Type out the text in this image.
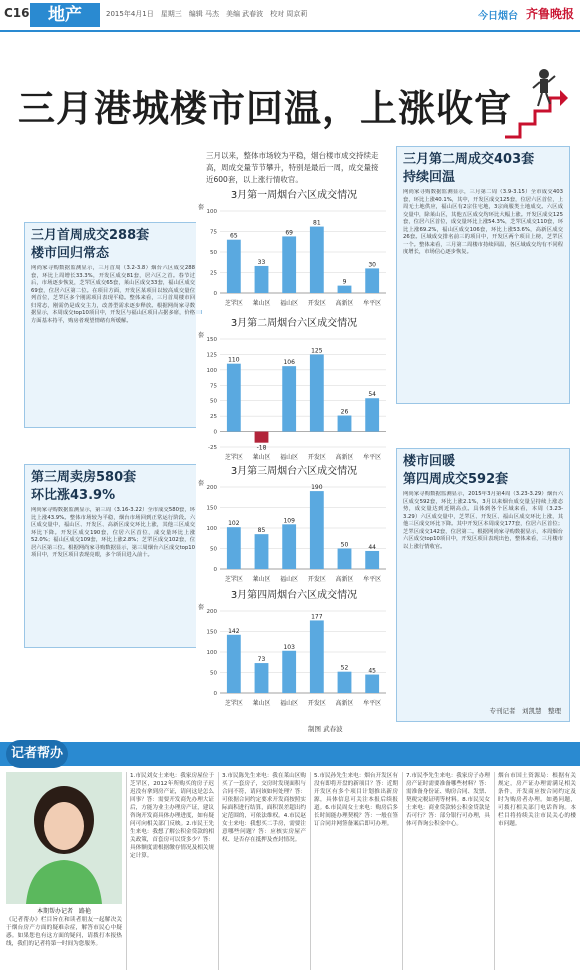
C16	地产	2015年4月1日　星期三　编辑 马杰　美编 武春波　校对 周京莉	今日烟台 齐鲁晚报
三月港城楼市回温，上涨收官
三月以来，整体市场较为平稳，烟台楼市成交持续走高，周成交量节节攀升，特别是最后一周，成交量接近600套，以上涨行情收官。
三月首周成交288套
楼市回归常态
网尚家寻购数据监测显示，三月首周（3.2-3.8）烟台六区成交288套，环比上周增长33.3%，开发区成交81套，居六区之首。春节过后，市场逐步恢复，芝罘区成交65套，莱山区成交33套，福山区成交69套，位居六区第二位。在项目方面，开发区某项目以较高成交量位列首位，芝罘区多个刚需项目表现平稳。整体来看，三月首周楼市回归常态，刚需仍是成交主力，改善型需求逐步释放。根据网尚家寻数据显示，本周成交top10项目中，开发区与福山区项目占据多席，价格方面基本持平，购房者观望情绪有所缓解。
第三周卖房580套
环比涨43.9%
网尚家寻购数据监测显示，第三周（3.16-3.22）全市成交580套，环比上涨43.9%。整体市场较为平稳，烟台市场回到正常运行阶段。六区成交量中，福山区、开发区、高新区成交环比上涨，其他三区成交环比下降。开发区成交190套，位居六区首位，成交量环比上涨52.0%；福山区成交109套，环比上涨2.8%；芝罘区成交102套，位居六区第三位。根据网尚家寻购数据显示，第三周烟台六区成交top10项目中，开发区项目表现亮眼，多个项目进入前十。
三月第二周成交403套
持续回温
网尚家寻购数据监测显示，三月第二周（3.9-3.15）全市成交403套，环比上涨40.1%，其中，开发区成交125套，位居六区首位，上周无土地供应，福山区有2宗住宅地，3宗商服类土地成交。六区成交量中，除莱山区，其他五区成交均环比大幅上涨。开发区成交125套，位居六区首位，成交量环比上涨54.3%，芝罘区成交110套，环比上涨69.2%，福山区成交106套，环比上涨53.6%，高新区成交26套。区域成交排名前三的项目中，开发区两个项目上榜，芝罘区一个。整体来看，三月第二周楼市持续回温，各区域成交均有不同程度增长，市场信心逐步恢复。
楼市回暖
第四周成交592套
网尚家寻购数据监测显示，2015年3月第4周（3.23-3.29）烟台六区成交592套，环比上涨2.1%，3月以来烟台成交量呈持续上涨态势，成交量达到近期高点。具体到各个区域来看，本周（3.23-3.29）六区成交量中，芝罘区、开发区、福山区成交环比上涨，其他三区成交环比下降。其中开发区本周成交177套，位居六区首位；芝罘区成交142套，位居第二。根据网尚家寻购数据显示，本周烟台六区成交top10项目中，开发区项目表现出色，整体来看，三月楼市以上涨行情收官。
专刊记者　刘凯慧　整理
3月第一周烟台六区成交情况
套
0
25
50
75
100
65
芝罘区
33
莱山区
69
福山区
81
开发区
9
高新区
30
牟平区
3月第二周烟台六区成交情况
套
-25
0
25
50
75
100
125
150
110
芝罘区
-18
莱山区
106
福山区
125
开发区
26
高新区
54
牟平区
3月第三周烟台六区成交情况
套
0
50
100
150
200
102
芝罘区
85
莱山区
109
福山区
190
开发区
50
高新区
44
牟平区
3月第四周烟台六区成交情况
套
0
50
100
150
200
142
芝罘区
73
莱山区
103
福山区
177
开发区
52
高新区
45
牟平区
制图 武春波
记者帮办
本期帮办记者　路艳
《记者帮办》栏目旨在和读者朋友一起解决关于烟台房产方面的疑难杂症，解答市民心中疑惑。如果您也有这方面的疑问，请拨打本报热线，我们的记者将第一时间为您服务。
1.市民刘女士来电：我家房屋位于芝罘区，2012年所购买的房子迟迟没有拿到房产证，请问这是怎么回事？答：需要开发商先办理大证后，方能为业主办理房产证，建议咨询开发商具体办理进度，如有疑问可向相关部门反映。2.市民王先生来电：我想了解公积金贷款的相关政策，首套房可以贷多少？答：具体额度需根据缴存情况及相关规定计算。
3.市民陈先生来电：我在莱山区购买了一套房子，交房时发现面积与合同不符，请问该如何处理？答：可依据合同约定要求开发商按照实际面积进行结算，面积误差超出约定范围的，可依法维权。4.市民赵女士来电：我想买二手房，需要注意哪些问题？答：应核实房屋产权、是否存在抵押及查封情况。
5.市民孙先生来电：烟台开发区有没有即将开盘的新项目？答：近期开发区有多个项目计划推出新房源，具体信息可关注本报后续报道。6.市民周女士来电：购房后多长时间能办理契税？答：一般在签订合同并网签备案后即可办理。
7.市民李先生来电：我家房子办理房产证时需要准备哪些材料？答：需准备身份证、购房合同、发票、契税完税证明等材料。8.市民吴女士来电：商业贷款转公积金贷款是否可行？答：部分银行可办理，具体可咨询公积金中心。
烟台市国土资源局：根据有关规定，房产证办理需满足相关条件，开发商应按合同约定及时为购房者办理。如遇问题，可拨打相关部门电话咨询。本栏目将持续关注市民关心的楼市问题。
